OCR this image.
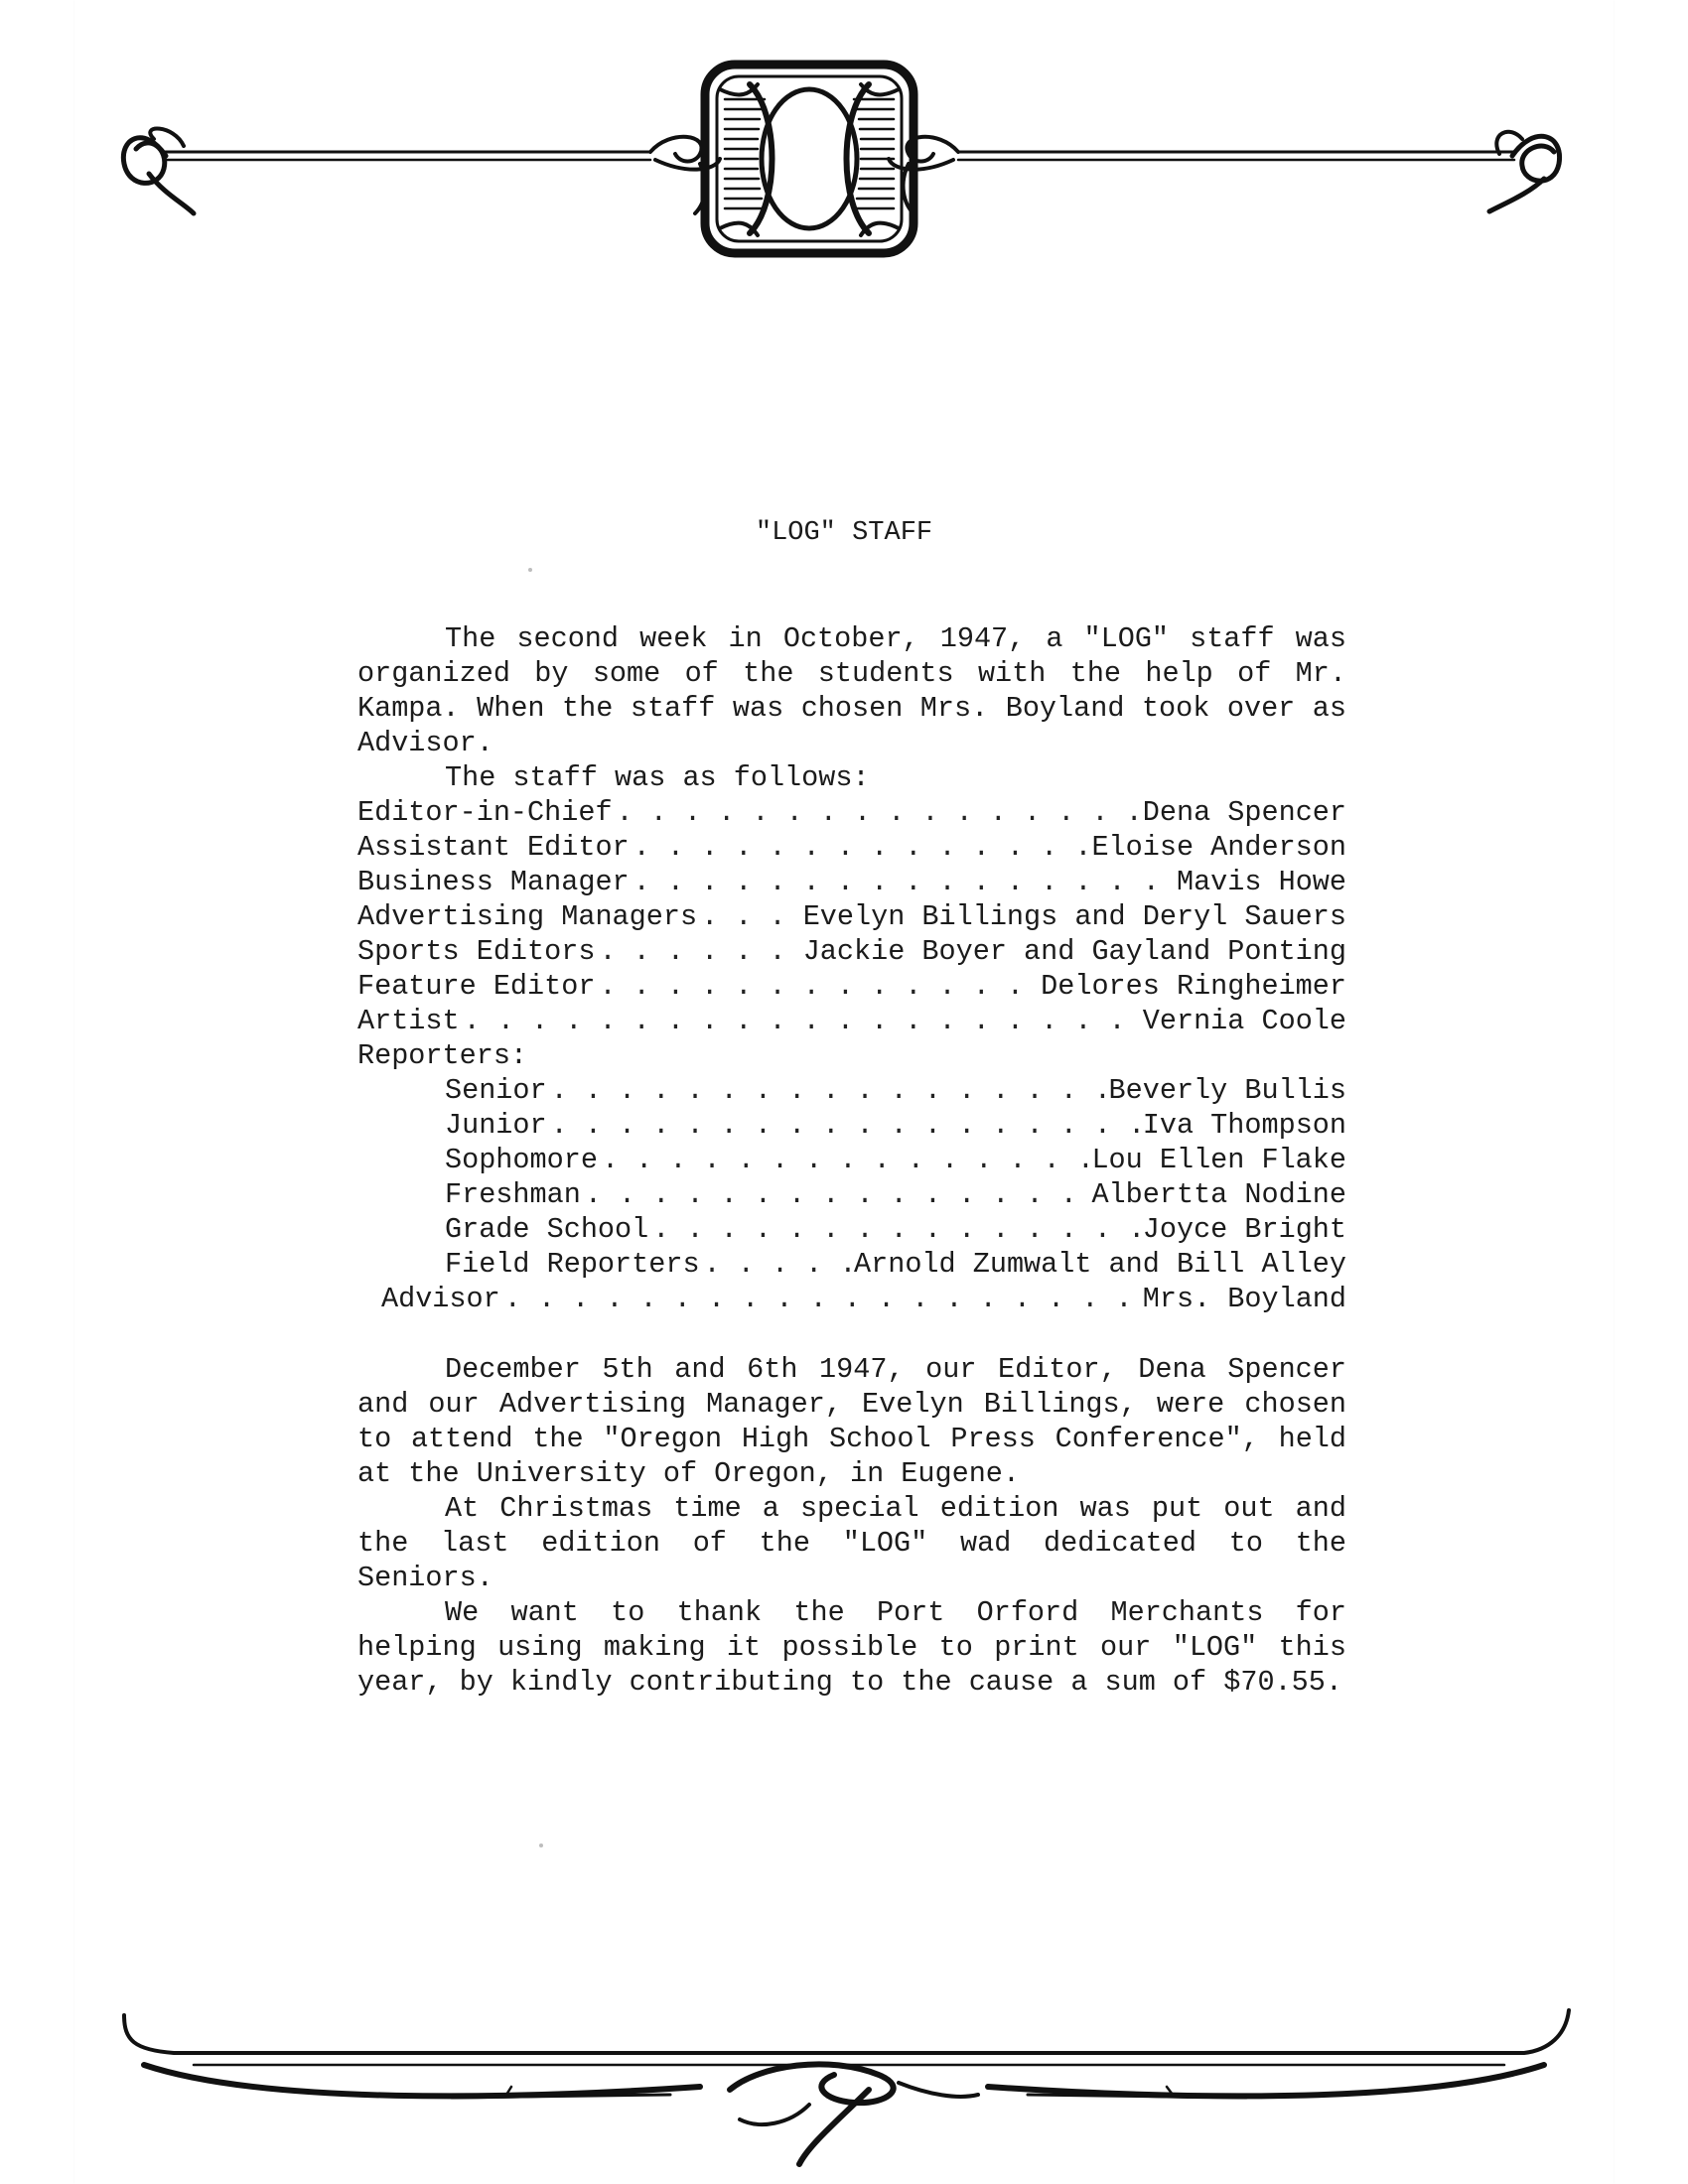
"LOG" STAFF

The second week in October, 1947, a "LOG" staff was organized by some of the students with the help of Mr. Kampa. When the staff was chosen Mrs. Boyland took over as Advisor.

The staff was as follows:
Editor-in-Chief . . .	Dena Spencer
Assistant Editor . . .	Eloise Anderson
Business Manager . . .	Mavis Howe
Advertising Managers . . .	Evelyn Billings and Deryl Sauers
Sports Editors . . .	Jackie Boyer and Gayland Ponting
Feature Editor . . .	Delores Ringheimer
Artist . . .	Vernia Coole
Reporters:
Senior . . .	Beverly Bullis
Junior . . .	Iva Thompson
Sophomore . . .	Lou Ellen Flake
Freshman . . .	Albertta Nodine
Grade School . . .	Joyce Bright
Field Reporters . . .	Arnold Zumwalt and Bill Alley
Advisor . . .	Mrs. Boyland

December 5th and 6th 1947, our Editor, Dena Spencer and our Advertising Manager, Evelyn Billings, were chosen to attend the "Oregon High School Press Conference", held at the University of Oregon, in Eugene.

At Christmas time a special edition was put out and the last edition of the "LOG" wad dedicated to the Seniors.

We want to thank the Port Orford Merchants for helping using making it possible to print our "LOG" this year, by kindly contributing to the cause a sum of $70.55.
